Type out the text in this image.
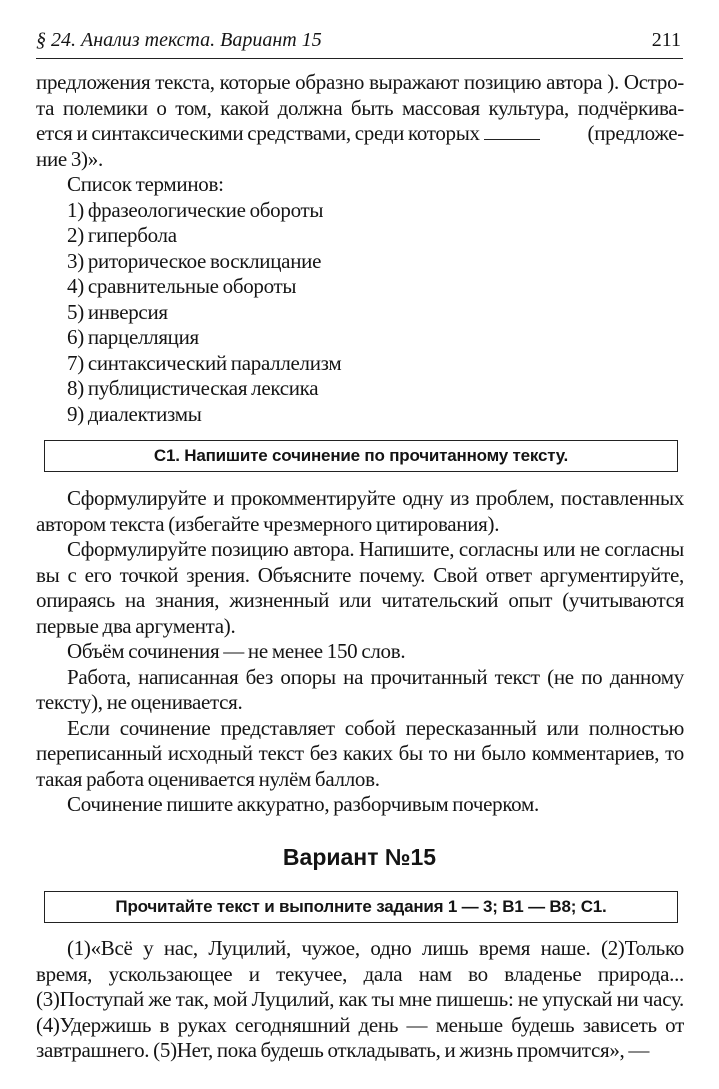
§ 24. Анализ текста. Вариант 15	211
предложения текста, которые образно выражают позицию автора ). Остро-
та полемики о том, какой должна быть массовая культура, подчёркива-
ется и синтаксическими средствами, среди которых	(предложе-
ние 3)».
Список терминов:
1) фразеологические обороты
2) гипербола
3) риторическое восклицание
4) сравнительные обороты
5) инверсия
6) парцелляция
7) синтаксический параллелизм
8) публицистическая лексика
9) диалектизмы
С1. Напишите сочинение по прочитанному тексту.
Сформулируйте и прокомментируйте одну из проблем, поставленных автором текста (избегайте чрезмерного цитирования).
Сформулируйте позицию автора. Напишите, согласны или не согласны вы с его точкой зрения. Объясните почему. Свой ответ аргументируйте, опираясь на знания, жизненный или читательский опыт (учитываются первые два аргумента).
Объём сочинения — не менее 150 слов.
Работа, написанная без опоры на прочитанный текст (не по данному тексту), не оценивается.
Если сочинение представляет собой пересказанный или полностью переписанный исходный текст без каких бы то ни было комментариев, то такая работа оценивается нулём баллов.
Сочинение пишите аккуратно, разборчивым почерком.
Вариант №15
Прочитайте текст и выполните задания 1 — 3; В1 — В8; С1.
(1)«Всё у нас, Луцилий, чужое, одно лишь время наше. (2)Только время, ускользающее и текучее, дала нам во владенье природа... (3)Поступай же так, мой Луцилий, как ты мне пишешь: не упускай ни часу. (4)Удержишь в руках сегодняшний день — меньше будешь зависеть от завтрашнего. (5)Нет, пока будешь откладывать, и жизнь промчится», —
